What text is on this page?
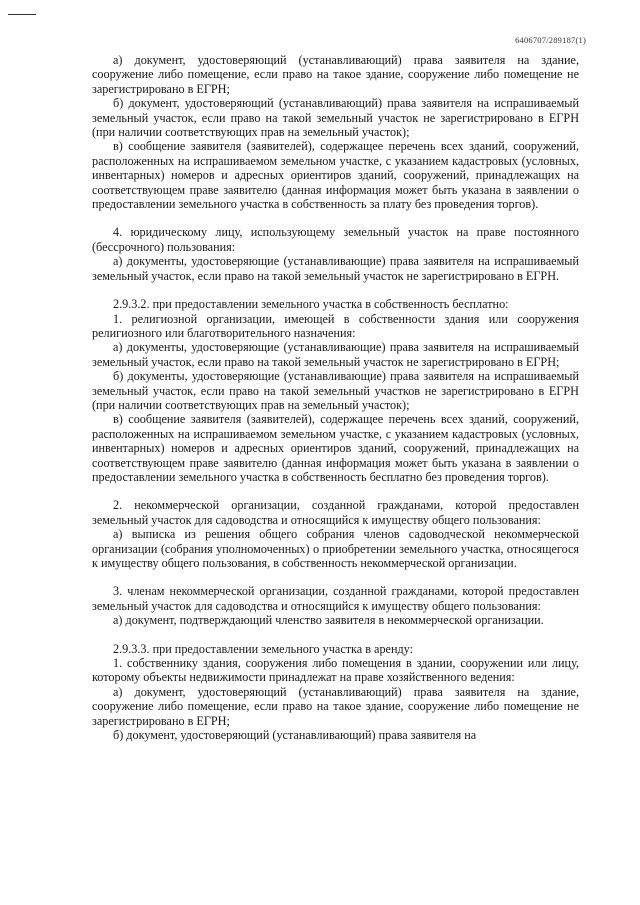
6406707/289187(1)

а) документ, удостоверяющий (устанавливающий) права заявителя на здание, сооружение либо помещение, если право на такое здание, сооружение либо помещение не зарегистрировано в ЕГРН;

б) документ, удостоверяющий (устанавливающий) права заявителя на испрашиваемый земельный участок, если право на такой земельный участок не зарегистрировано в ЕГРН (при наличии соответствующих прав на земельный участок);

в) сообщение заявителя (заявителей), содержащее перечень всех зданий, сооружений, расположенных на испрашиваемом земельном участке, с указанием кадастровых (условных, инвентарных) номеров и адресных ориентиров зданий, сооружений, принадлежащих на соответствующем праве заявителю (данная информация может быть указана в заявлении о предоставлении земельного участка в собственность за плату без проведения торгов).

4. юридическому лицу, использующему земельный участок на праве постоянного (бессрочного) пользования:

а) документы, удостоверяющие (устанавливающие) права заявителя на испрашиваемый земельный участок, если право на такой земельный участок не зарегистрировано в ЕГРН.

2.9.3.2. при предоставлении земельного участка в собственность бесплатно:

1. религиозной организации, имеющей в собственности здания или сооружения религиозного или благотворительного назначения:

а) документы, удостоверяющие (устанавливающие) права заявителя на испрашиваемый земельный участок, если право на такой земельный участок не зарегистрировано в ЕГРН;

б) документы, удостоверяющие (устанавливающие) права заявителя на испрашиваемый земельный участок, если право на такой земельный участков не зарегистрировано в ЕГРН (при наличии соответствующих прав на земельный участок);

в) сообщение заявителя (заявителей), содержащее перечень всех зданий, сооружений, расположенных на испрашиваемом земельном участке, с указанием кадастровых (условных, инвентарных) номеров и адресных ориентиров зданий, сооружений, принадлежащих на соответствующем праве заявителю (данная информация может быть указана в заявлении о предоставлении земельного участка в собственность бесплатно без проведения торгов).

2. некоммерческой организации, созданной гражданами, которой предоставлен земельный участок для садоводства и относящийся к имуществу общего пользования:

а) выписка из решения общего собрания членов садоводческой некоммерческой организации (собрания уполномоченных) о приобретении земельного участка, относящегося к имуществу общего пользования, в собственность некоммерческой организации.

3. членам некоммерческой организации, созданной гражданами, которой предоставлен земельный участок для садоводства и относящийся к имуществу общего пользования:

а) документ, подтверждающий членство заявителя в некоммерческой организации.

2.9.3.3. при предоставлении земельного участка в аренду:

1. собственнику здания, сооружения либо помещения в здании, сооружении или лицу, которому объекты недвижимости принадлежат на праве хозяйственного ведения:

а) документ, удостоверяющий (устанавливающий) права заявителя на здание, сооружение либо помещение, если право на такое здание, сооружение либо помещение не зарегистрировано в ЕГРН;

б) документ, удостоверяющий (устанавливающий) права заявителя на
